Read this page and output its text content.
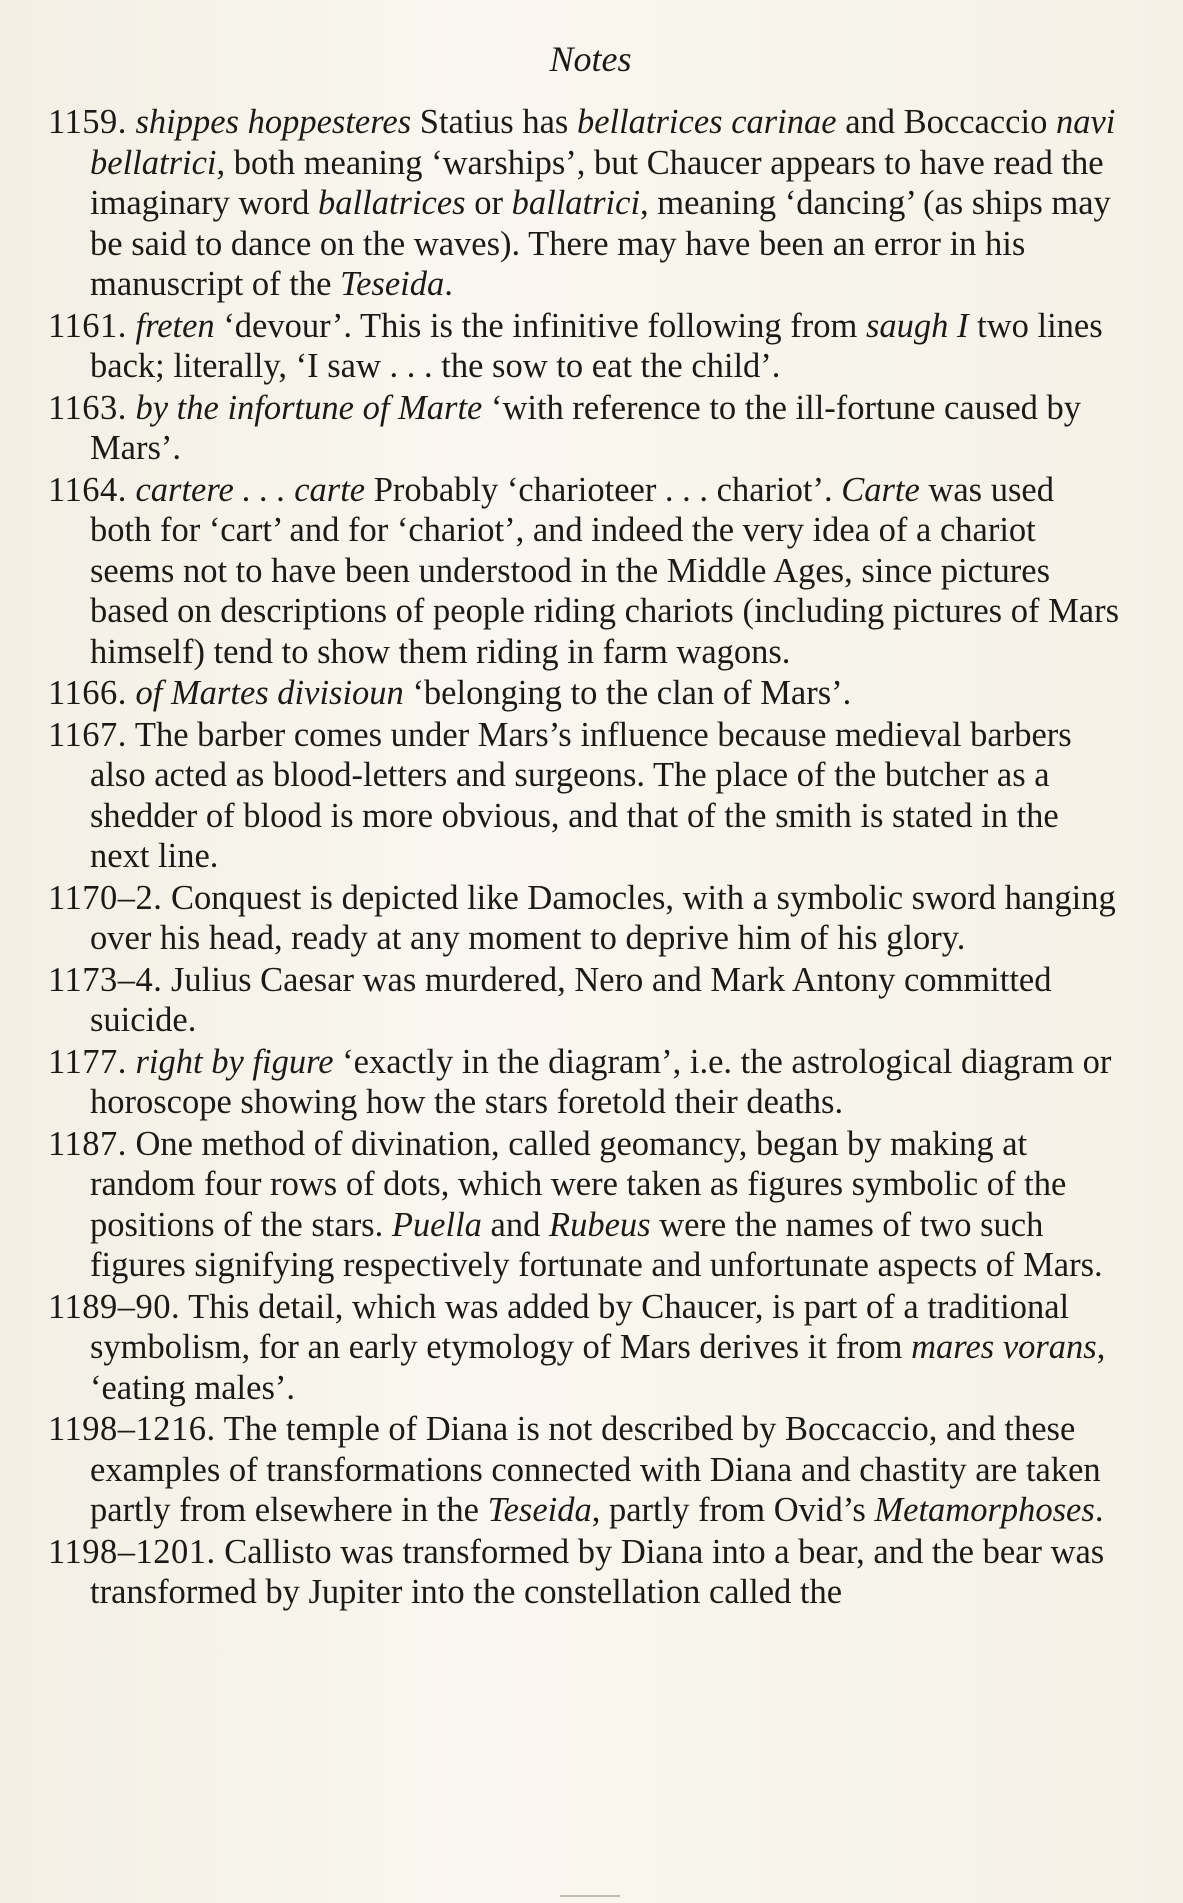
Notes
1159. shippes hoppesteres Statius has bellatrices carinae and Boccaccio navi bellatrici, both meaning ‘warships’, but Chaucer appears to have read the imaginary word ballatrices or ballatrici, meaning ‘dancing’ (as ships may be said to dance on the waves). There may have been an error in his manuscript of the Teseida.
1161. freten ‘devour’. This is the infinitive following from saugh I two lines back; literally, ‘I saw . . . the sow to eat the child’.
1163. by the infortune of Marte ‘with reference to the ill-fortune caused by Mars’.
1164. cartere . . . carte Probably ‘charioteer . . . chariot’. Carte was used both for ‘cart’ and for ‘chariot’, and indeed the very idea of a chariot seems not to have been understood in the Middle Ages, since pictures based on descriptions of people riding chariots (including pictures of Mars himself) tend to show them riding in farm wagons.
1166. of Martes divisioun ‘belonging to the clan of Mars’.
1167. The barber comes under Mars’s influence because medieval barbers also acted as blood-letters and surgeons. The place of the butcher as a shedder of blood is more obvious, and that of the smith is stated in the next line.
1170–2. Conquest is depicted like Damocles, with a symbolic sword hanging over his head, ready at any moment to deprive him of his glory.
1173–4. Julius Caesar was murdered, Nero and Mark Antony committed suicide.
1177. right by figure ‘exactly in the diagram’, i.e. the astrological diagram or horoscope showing how the stars foretold their deaths.
1187. One method of divination, called geomancy, began by making at random four rows of dots, which were taken as figures symbolic of the positions of the stars. Puella and Rubeus were the names of two such figures signifying respectively fortunate and unfortunate aspects of Mars.
1189–90. This detail, which was added by Chaucer, is part of a traditional symbolism, for an early etymology of Mars derives it from mares vorans, ‘eating males’.
1198–1216. The temple of Diana is not described by Boccaccio, and these examples of transformations connected with Diana and chastity are taken partly from elsewhere in the Teseida, partly from Ovid’s Metamorphoses.
1198–1201. Callisto was transformed by Diana into a bear, and the bear was transformed by Jupiter into the constellation called the
